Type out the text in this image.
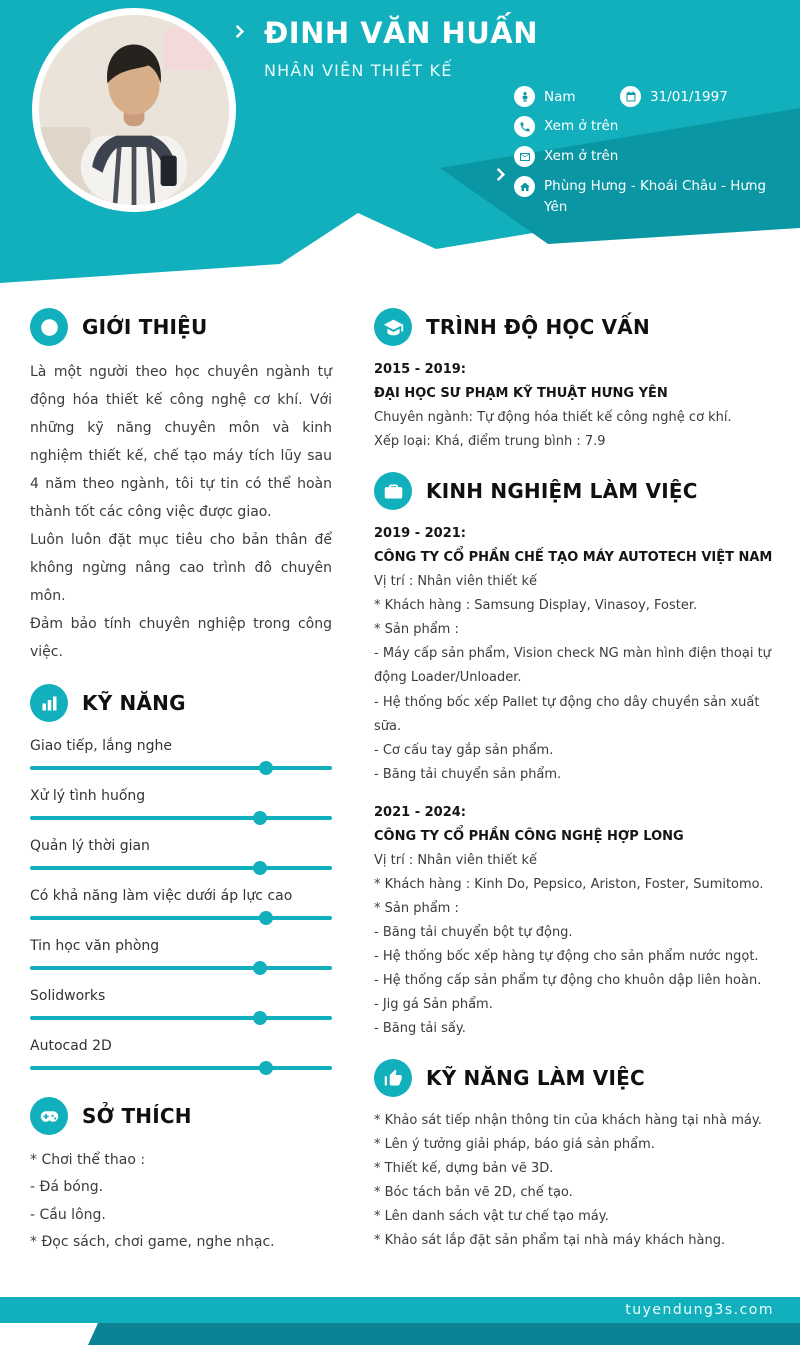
ĐINH VĂN HUẤN
NHÂN VIÊN THIẾT KẾ
Nam	31/01/1997
Xem ở trên
Xem ở trên
Phùng Hưng - Khoái Châu - Hưng Yên
GIỚI THIỆU

Là một người theo học chuyên ngành tự động hóa thiết kế công nghệ cơ khí. Với những kỹ năng chuyên môn và kinh nghiệm thiết kế, chế tạo máy tích lũy sau 4 năm theo ngành, tôi tự tin có thể hoàn thành tốt các công việc được giao.

Luôn luôn đặt mục tiêu cho bản thân để không ngừng nâng cao trình đô chuyên môn.

Đảm bảo tính chuyên nghiệp trong công việc.

KỸ NĂNG
Giao tiếp, lắng nghe
Xử lý tình huống
Quản lý thời gian
Có khả năng làm việc dưới áp lực cao
Tin học văn phòng
Solidworks
Autocad 2D
SỞ THÍCH

* Chơi thể thao :

- Đá bóng.

- Cầu lông.

* Đọc sách, chơi game, nghe nhạc.

TRÌNH ĐỘ HỌC VẤN

2015 - 2019:

ĐẠI HỌC SƯ PHẠM KỸ THUẬT HƯNG YÊN

Chuyên ngành: Tự động hóa thiết kế công nghệ cơ khí.

Xếp loại: Khá, điểm trung bình : 7.9

KINH NGHIỆM LÀM VIỆC

2019 - 2021:

CÔNG TY CỔ PHẦN CHẾ TẠO MÁY AUTOTECH VIỆT NAM

Vị trí : Nhân viên thiết kế

* Khách hàng : Samsung Display, Vinasoy, Foster.

* Sản phẩm :

- Máy cấp sản phẩm, Vision check NG màn hình điện thoại tự động Loader/Unloader.

- Hệ thống bốc xếp Pallet tự động cho dây chuyền sản xuất sữa.

- Cơ cấu tay gắp sản phẩm.

- Băng tải chuyển sản phẩm.

2021 - 2024:

CÔNG TY CỔ PHẦN CÔNG NGHỆ HỢP LONG

Vị trí : Nhân viên thiết kế

* Khách hàng : Kinh Do, Pepsico, Ariston, Foster, Sumitomo.

* Sản phẩm :

- Băng tải chuyển bột tự động.

- Hệ thống bốc xếp hàng tự động cho sản phẩm nước ngọt.

- Hệ thống cấp sản phẩm tự động cho khuôn dập liên hoàn.

- Jig gá Sản phẩm.

- Băng tải sấy.

KỸ NĂNG LÀM VIỆC

* Khảo sát tiếp nhận thông tin của khách hàng tại nhà máy.

* Lên ý tưởng giải pháp, báo giá sản phẩm.

* Thiết kế, dựng bản vẽ 3D.

* Bóc tách bản vẽ 2D, chế tạo.

* Lên danh sách vật tư chế tạo máy.

* Khảo sát lắp đặt sản phẩm tại nhà máy khách hàng.

tuyendung3s.com
